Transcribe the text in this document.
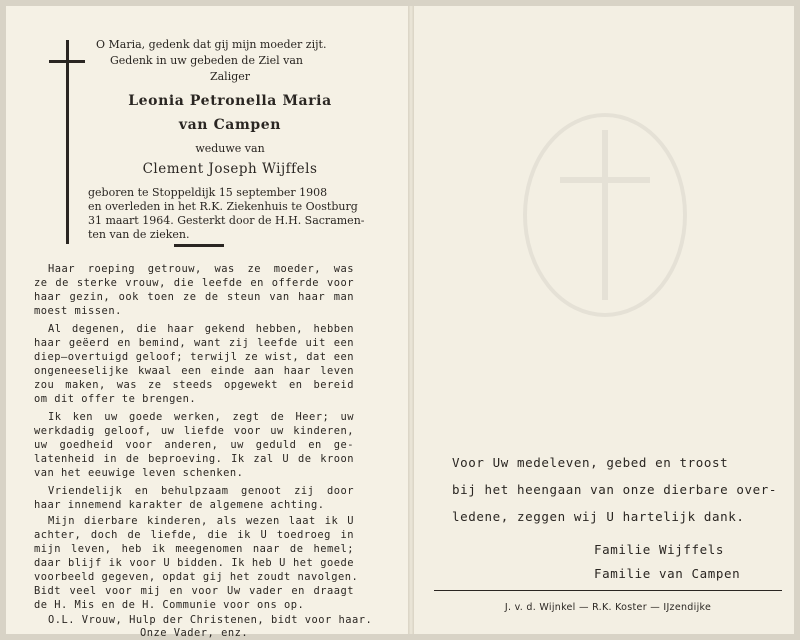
O Maria, gedenk dat gij mijn moeder zijt.
Gedenk in uw gebeden de Ziel van
Zaliger
Leonia Petronella Maria
van Campen
weduwe van
Clement Joseph Wijffels
geboren te Stoppeldijk 15 september 1908
en overleden in het R.K. Ziekenhuis te Oostburg
31 maart 1964. Gesterkt door de H.H. Sacramen-
ten van de zieken.
Haar roeping getrouw, was ze moeder, was
ze de sterke vrouw, die leefde en offerde voor
haar gezin, ook toen ze de steun van haar man
moest missen.
Al degenen, die haar gekend hebben, hebben
haar geëerd en bemind, want zij leefde uit een
diep—overtuigd geloof; terwijl ze wist, dat een
ongeneeselijke kwaal een einde aan haar leven
zou maken, was ze steeds opgewekt en bereid
om dit offer te brengen.
Ik ken uw goede werken, zegt de Heer; uw
werkdadig geloof, uw liefde voor uw kinderen,
uw goedheid voor anderen, uw geduld en ge-
latenheid in de beproeving. Ik zal U de kroon
van het eeuwige leven schenken.
Vriendelijk en behulpzaam genoot zij door
haar innemend karakter de algemene achting.
Mijn dierbare kinderen, als wezen laat ik U
achter, doch de liefde, die ik U toedroeg in
mijn leven, heb ik meegenomen naar de hemel;
daar blijf ik voor U bidden. Ik heb U het goede
voorbeeld gegeven, opdat gij het zoudt navolgen.
Bidt veel voor mij en voor Uw vader en draagt
de H. Mis en de H. Communie voor ons op.
O.L. Vrouw, Hulp der Christenen, bidt voor haar.
Onze Vader, enz.
Voor Uw medeleven, gebed en troost
bij het heengaan van onze dierbare over-
ledene, zeggen wij U hartelijk dank.
Familie Wijffels
Familie van Campen
J. v. d. Wijnkel — R.K. Koster — IJzendijke
